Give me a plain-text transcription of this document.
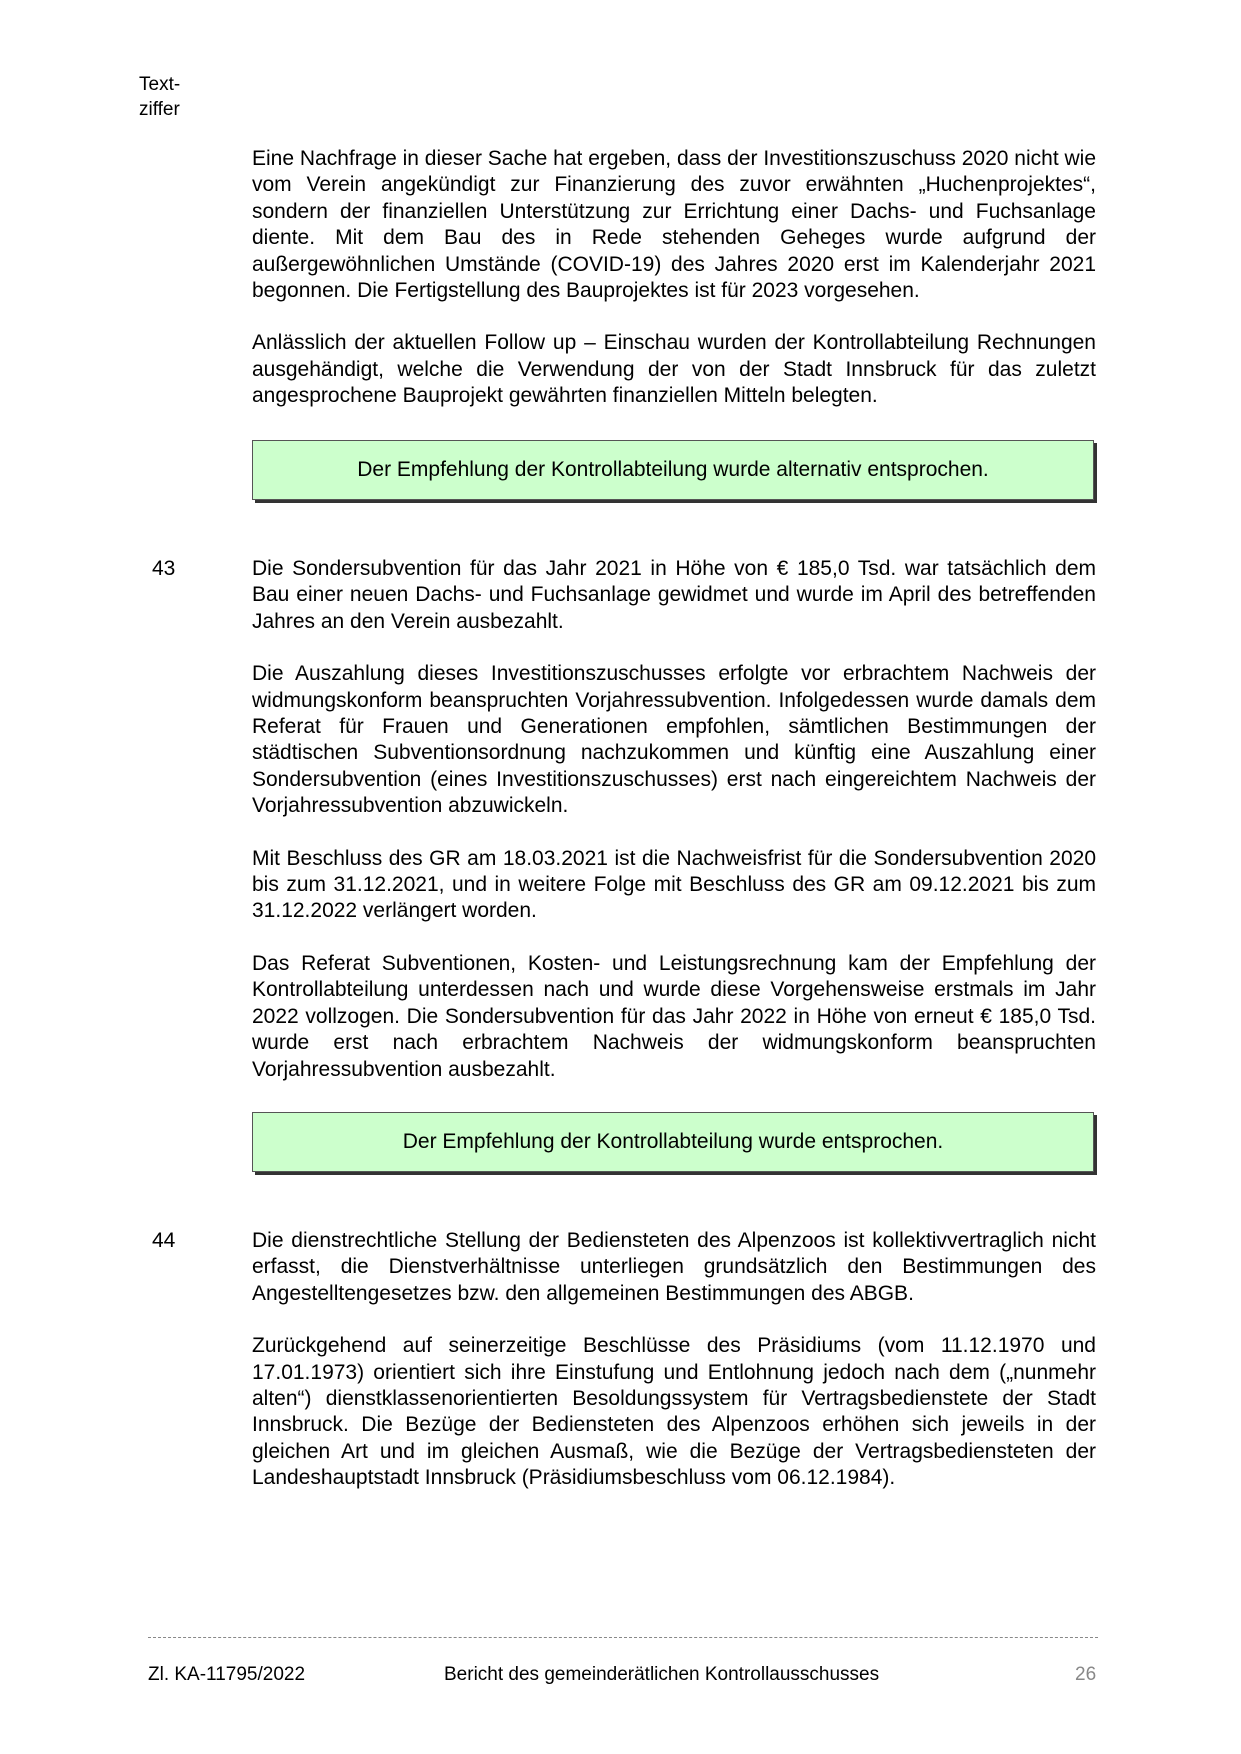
Text-
ziffer

Eine Nachfrage in dieser Sache hat ergeben, dass der Investitionszuschuss 2020 nicht wie vom Verein angekündigt zur Finanzierung des zuvor erwähnten „Huchenprojektes“, sondern der finanziellen Unterstützung zur Errichtung einer Dachs- und Fuchsanlage diente. Mit dem Bau des in Rede stehenden Geheges wurde aufgrund der außergewöhnlichen Umstände (COVID-19) des Jahres 2020 erst im Kalenderjahr 2021 begonnen. Die Fertigstellung des Bauprojektes ist für 2023 vorgesehen.

Anlässlich der aktuellen Follow up – Einschau wurden der Kontrollabteilung Rechnungen ausgehändigt, welche die Verwendung der von der Stadt Innsbruck für das zuletzt angesprochene Bauprojekt gewährten finanziellen Mitteln belegten.

Der Empfehlung der Kontrollabteilung wurde alternativ entsprochen.
43	Die Sondersubvention für das Jahr 2021 in Höhe von € 185,0 Tsd. war tatsächlich dem Bau einer neuen Dachs- und Fuchsanlage gewidmet und wurde im April des betreffenden Jahres an den Verein ausbezahlt.

Die Auszahlung dieses Investitionszuschusses erfolgte vor erbrachtem Nachweis der widmungskonform beanspruchten Vorjahressubvention. Infolgedessen wurde damals dem Referat für Frauen und Generationen empfohlen, sämtlichen Bestimmungen der städtischen Subventionsordnung nachzukommen und künftig eine Auszahlung einer Sondersubvention (eines Investitionszuschusses) erst nach eingereichtem Nachweis der Vorjahressubvention abzuwickeln.

Mit Beschluss des GR am 18.03.2021 ist die Nachweisfrist für die Sondersubvention 2020 bis zum 31.12.2021, und in weitere Folge mit Beschluss des GR am 09.12.2021 bis zum 31.12.2022 verlängert worden.

Das Referat Subventionen, Kosten- und Leistungsrechnung kam der Empfehlung der Kontrollabteilung unterdessen nach und wurde diese Vorgehensweise erstmals im Jahr 2022 vollzogen. Die Sondersubvention für das Jahr 2022 in Höhe von erneut € 185,0 Tsd. wurde erst nach erbrachtem Nachweis der widmungskonform beanspruchten Vorjahressubvention ausbezahlt.

Der Empfehlung der Kontrollabteilung wurde entsprochen.
44	Die dienstrechtliche Stellung der Bediensteten des Alpenzoos ist kollektivvertraglich nicht erfasst, die Dienstverhältnisse unterliegen grundsätzlich den Bestimmungen des Angestelltengesetzes bzw. den allgemeinen Bestimmungen des ABGB.

Zurückgehend auf seinerzeitige Beschlüsse des Präsidiums (vom 11.12.1970 und 17.01.1973) orientiert sich ihre Einstufung und Entlohnung jedoch nach dem („nunmehr alten“) dienstklassenorientierten Besoldungssystem für Vertragsbedienstete der Stadt Innsbruck. Die Bezüge der Bediensteten des Alpenzoos erhöhen sich jeweils in der gleichen Art und im gleichen Ausmaß, wie die Bezüge der Vertragsbediensteten der Landeshauptstadt Innsbruck (Präsidiumsbeschluss vom 06.12.1984).

Zl. KA-11795/2022	Bericht des gemeinderätlichen Kontrollausschusses	26
